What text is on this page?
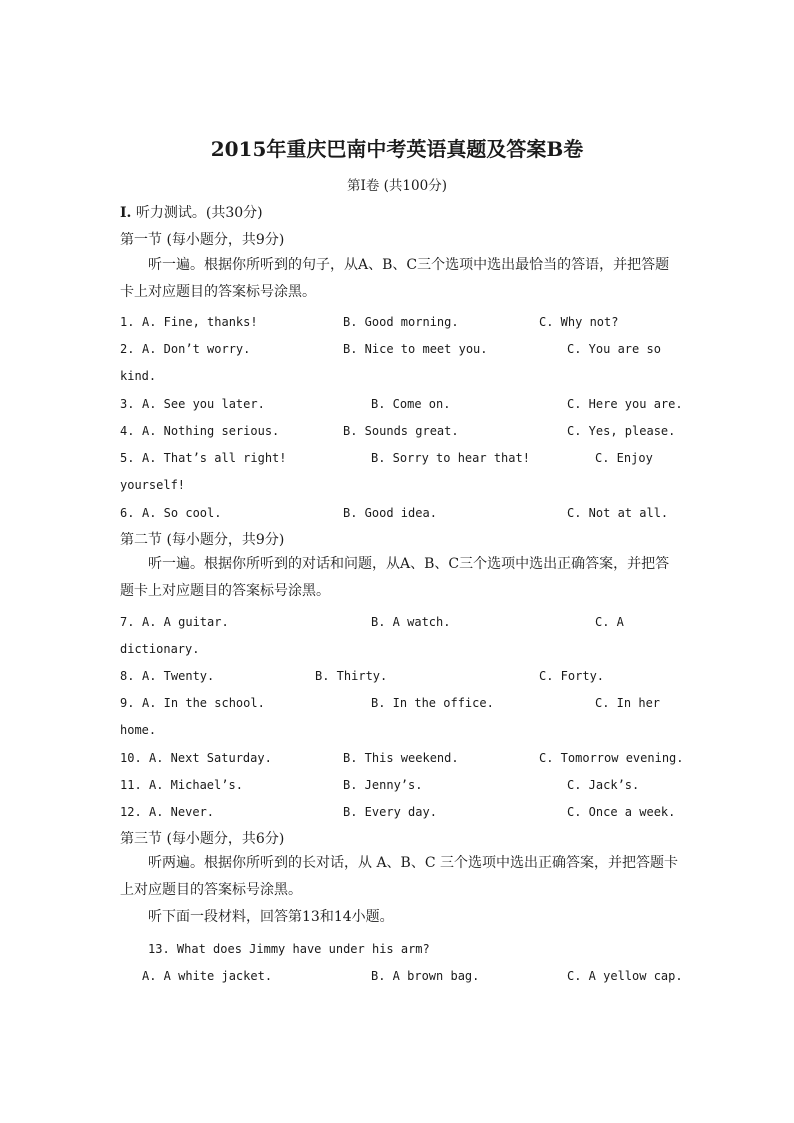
2015年重庆巴南中考英语真题及答案B卷
第Ⅰ卷 (共100分)
I. 听力测试。(共30分)
第一节 (每小题分，共9分)
听一遍。根据你所听到的句子，从A、B、C三个选项中选出最恰当的答语，并把答题卡上对应题目的答案标号涂黑。
1. A. Fine, thanks!	B. Good morning.	C. Why not?
2. A. Don’t worry.	B. Nice to meet you.	C. You are so
kind.
3. A. See you later.	B. Come on.	C. Here you are.
4. A. Nothing serious.	B. Sounds great.	C. Yes, please.
5. A. That’s all right!	B. Sorry to hear that!	C. Enjoy
yourself!
6. A. So cool.	B. Good idea.	C. Not at all.
第二节 (每小题分，共9分)
听一遍。根据你所听到的对话和问题，从A、B、C三个选项中选出正确答案，并把答题卡上对应题目的答案标号涂黑。
7. A. A guitar.	B. A watch.	C. A
dictionary.
8. A. Twenty.	B. Thirty.	C. Forty.
9. A. In the school.	B. In the office.	C. In her
home.
10. A. Next Saturday.	B. This weekend.	C. Tomorrow evening.
11. A. Michael’s.	B. Jenny’s.	C. Jack’s.
12. A. Never.	B. Every day.	C. Once a week.
第三节 (每小题分，共6分)
听两遍。根据你所听到的长对话，从 A、B、C 三个选项中选出正确答案，并把答题卡上对应题目的答案标号涂黑。
听下面一段材料，回答第13和14小题。
13. What does Jimmy have under his arm?
A. A white jacket.	B. A brown bag.	C. A yellow cap.
